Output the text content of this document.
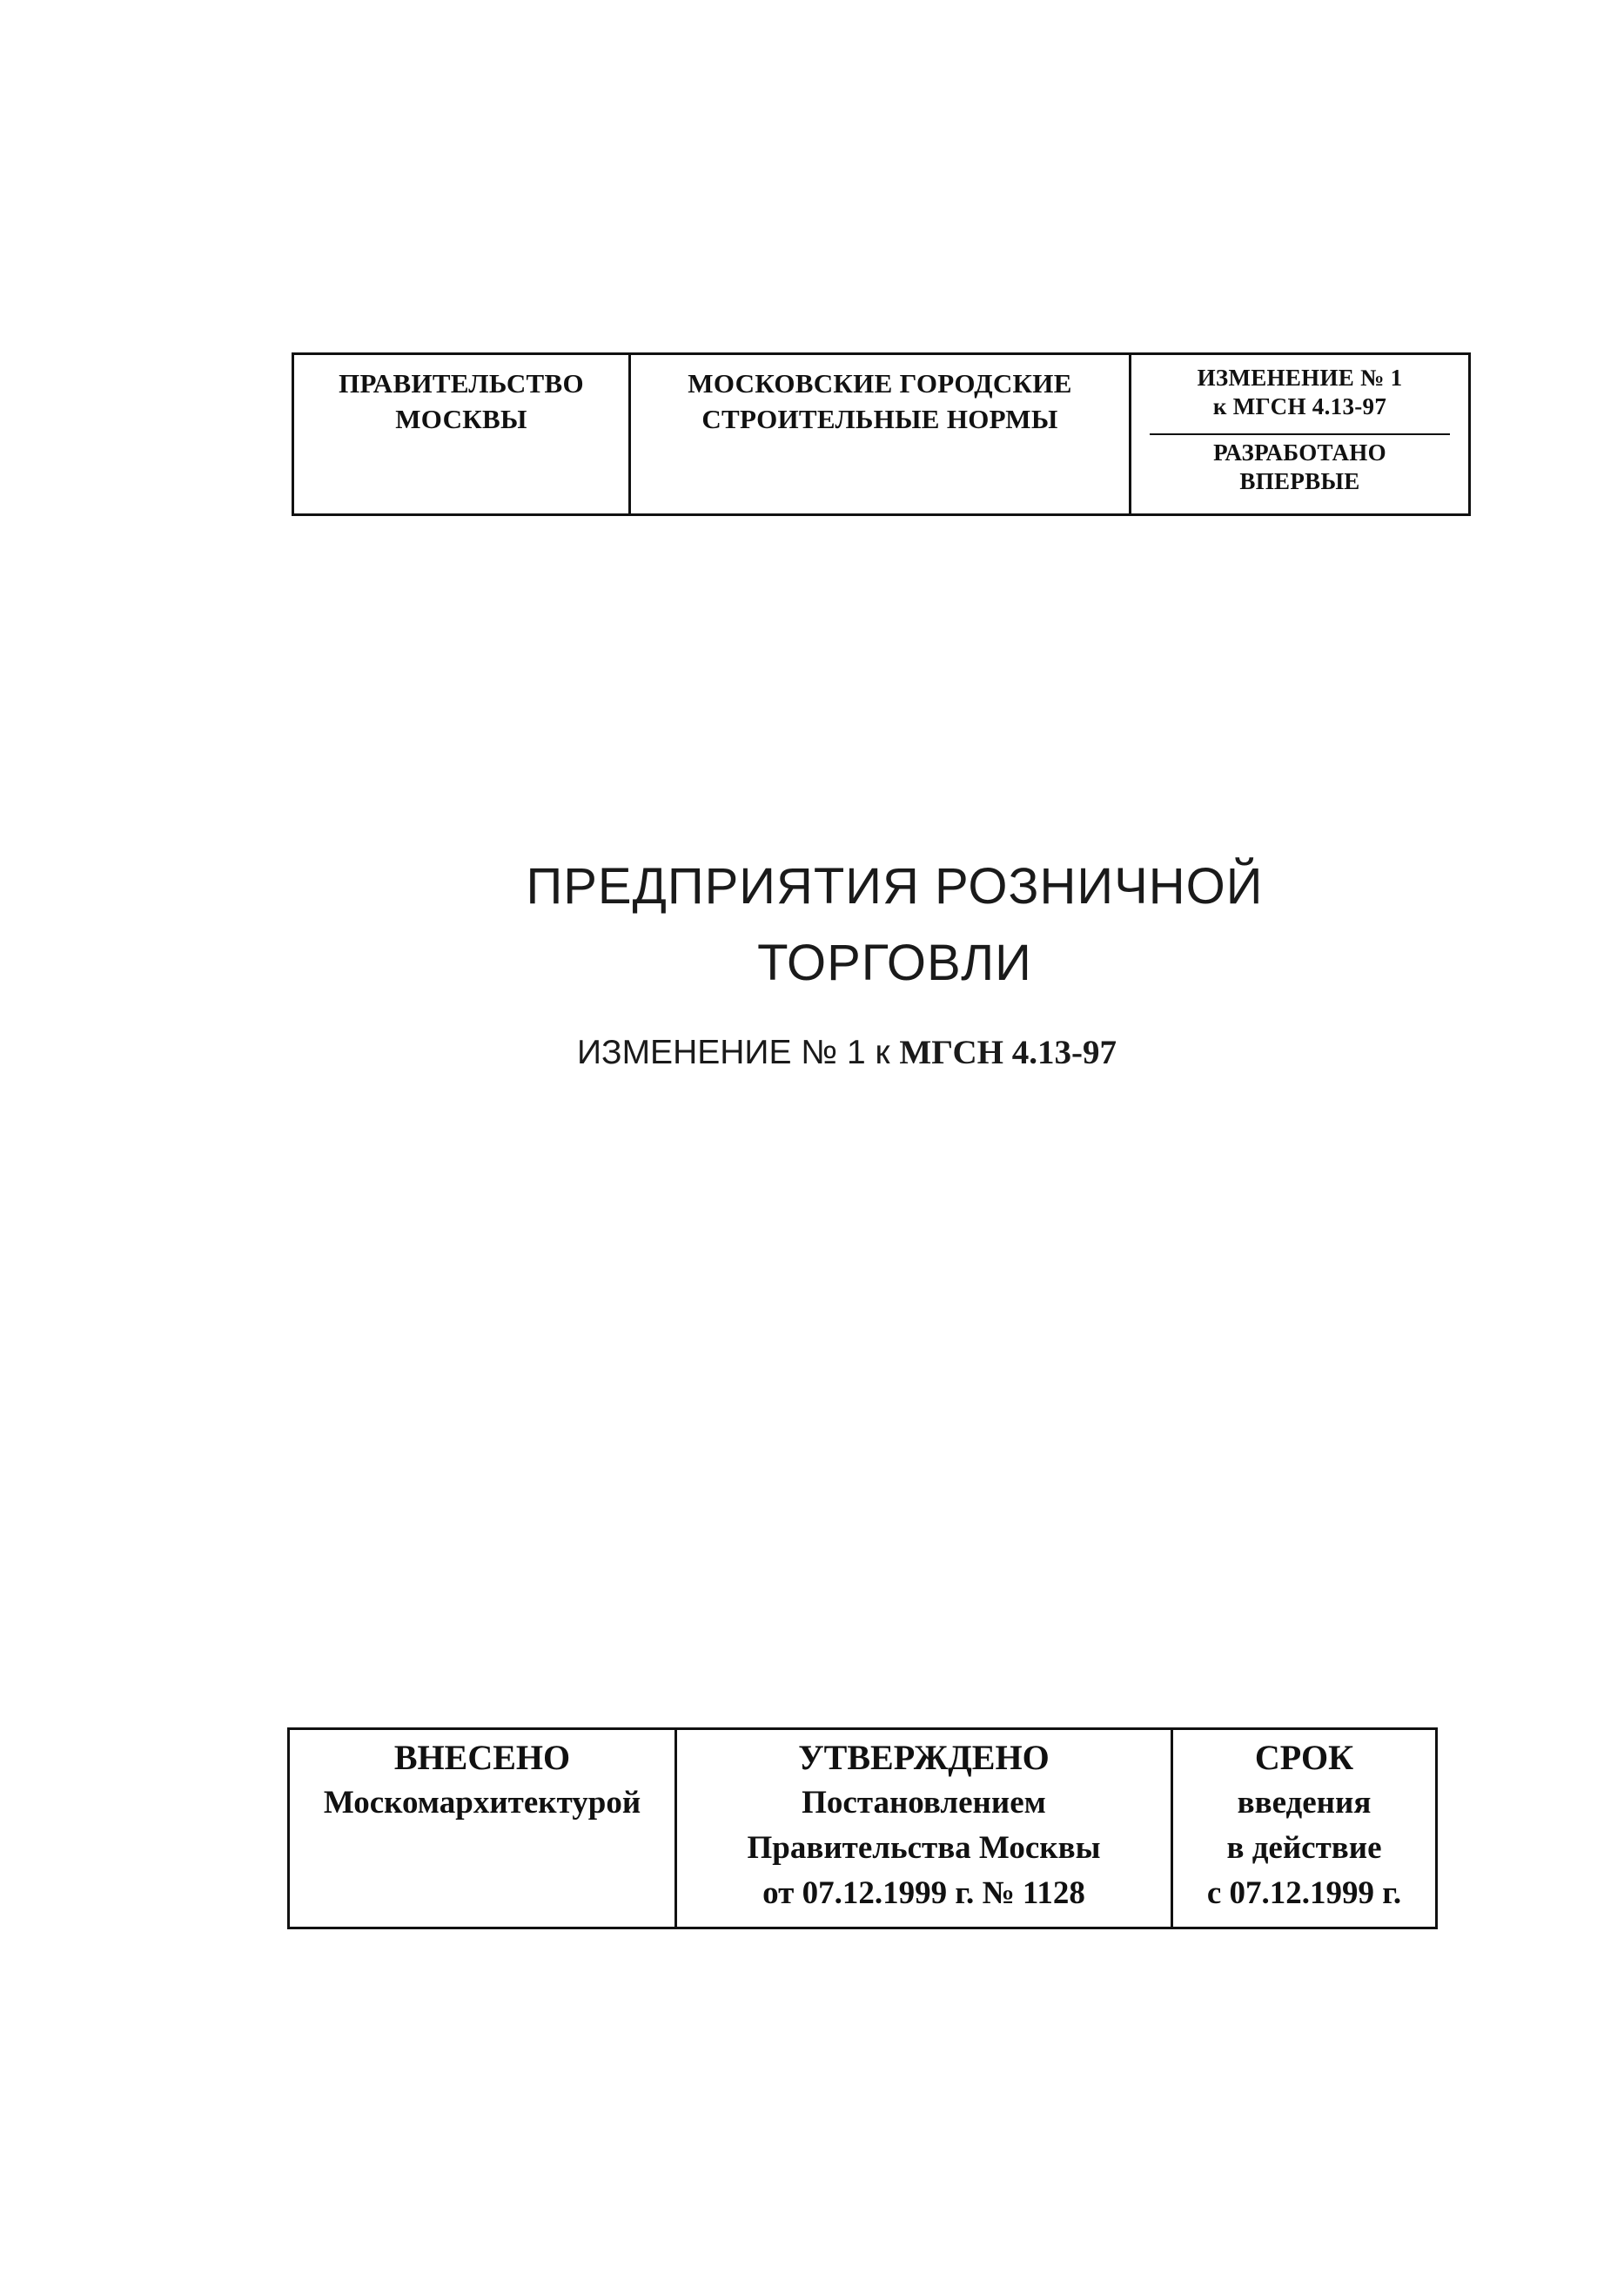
ПРАВИТЕЛЬСТВО
МОСКВЫ
МОСКОВСКИЕ ГОРОДСКИЕ
СТРОИТЕЛЬНЫЕ НОРМЫ
ИЗМЕНЕНИЕ № 1
к МГСН 4.13-97
РАЗРАБОТАНО
ВПЕРВЫЕ
ПРЕДПРИЯТИЯ РОЗНИЧНОЙ
ТОРГОВЛИ
ИЗМЕНЕНИЕ № 1 к МГСН 4.13-97
ВНЕСЕНО
Москомархитектурой
УТВЕРЖДЕНО
Постановлением
Правительства Москвы
от 07.12.1999 г. № 1128
СРОК
введения
в действие
с 07.12.1999 г.
